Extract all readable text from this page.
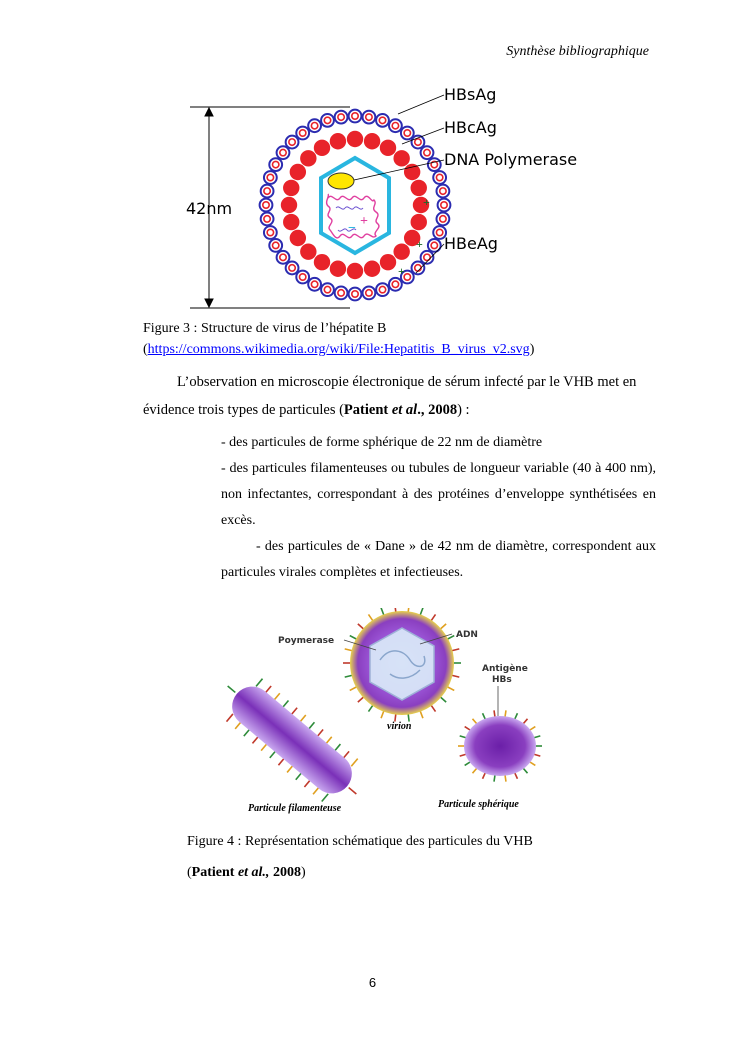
Synthèse bibliographique
42nm
+
−
+
+
+
HBsAg
HBcAg
DNA Polymerase
HBeAg
Figure 3 : Structure de virus de l’hépatite B
(https://commons.wikimedia.org/wiki/File:Hepatitis_B_virus_v2.svg)
L’observation en microscopie électronique de sérum infecté par le VHB met en
évidence trois types de particules (Patient et al., 2008) :
- des particules de forme sphérique de 22 nm de diamètre
- des particules filamenteuses ou tubules de longueur variable (40 à 400 nm), non infectantes, correspondant à des protéines d’enveloppe synthétisées en excès.
- des particules de « Dane » de 42 nm de diamètre, correspondent aux particules virales complètes et infectieuses.
Poymerase
ADN
Antigène
HBs
virion
Particule filamenteuse	Particule sphérique
Figure 4 : Représentation schématique des particules du VHB
(Patient et al., 2008)
6
